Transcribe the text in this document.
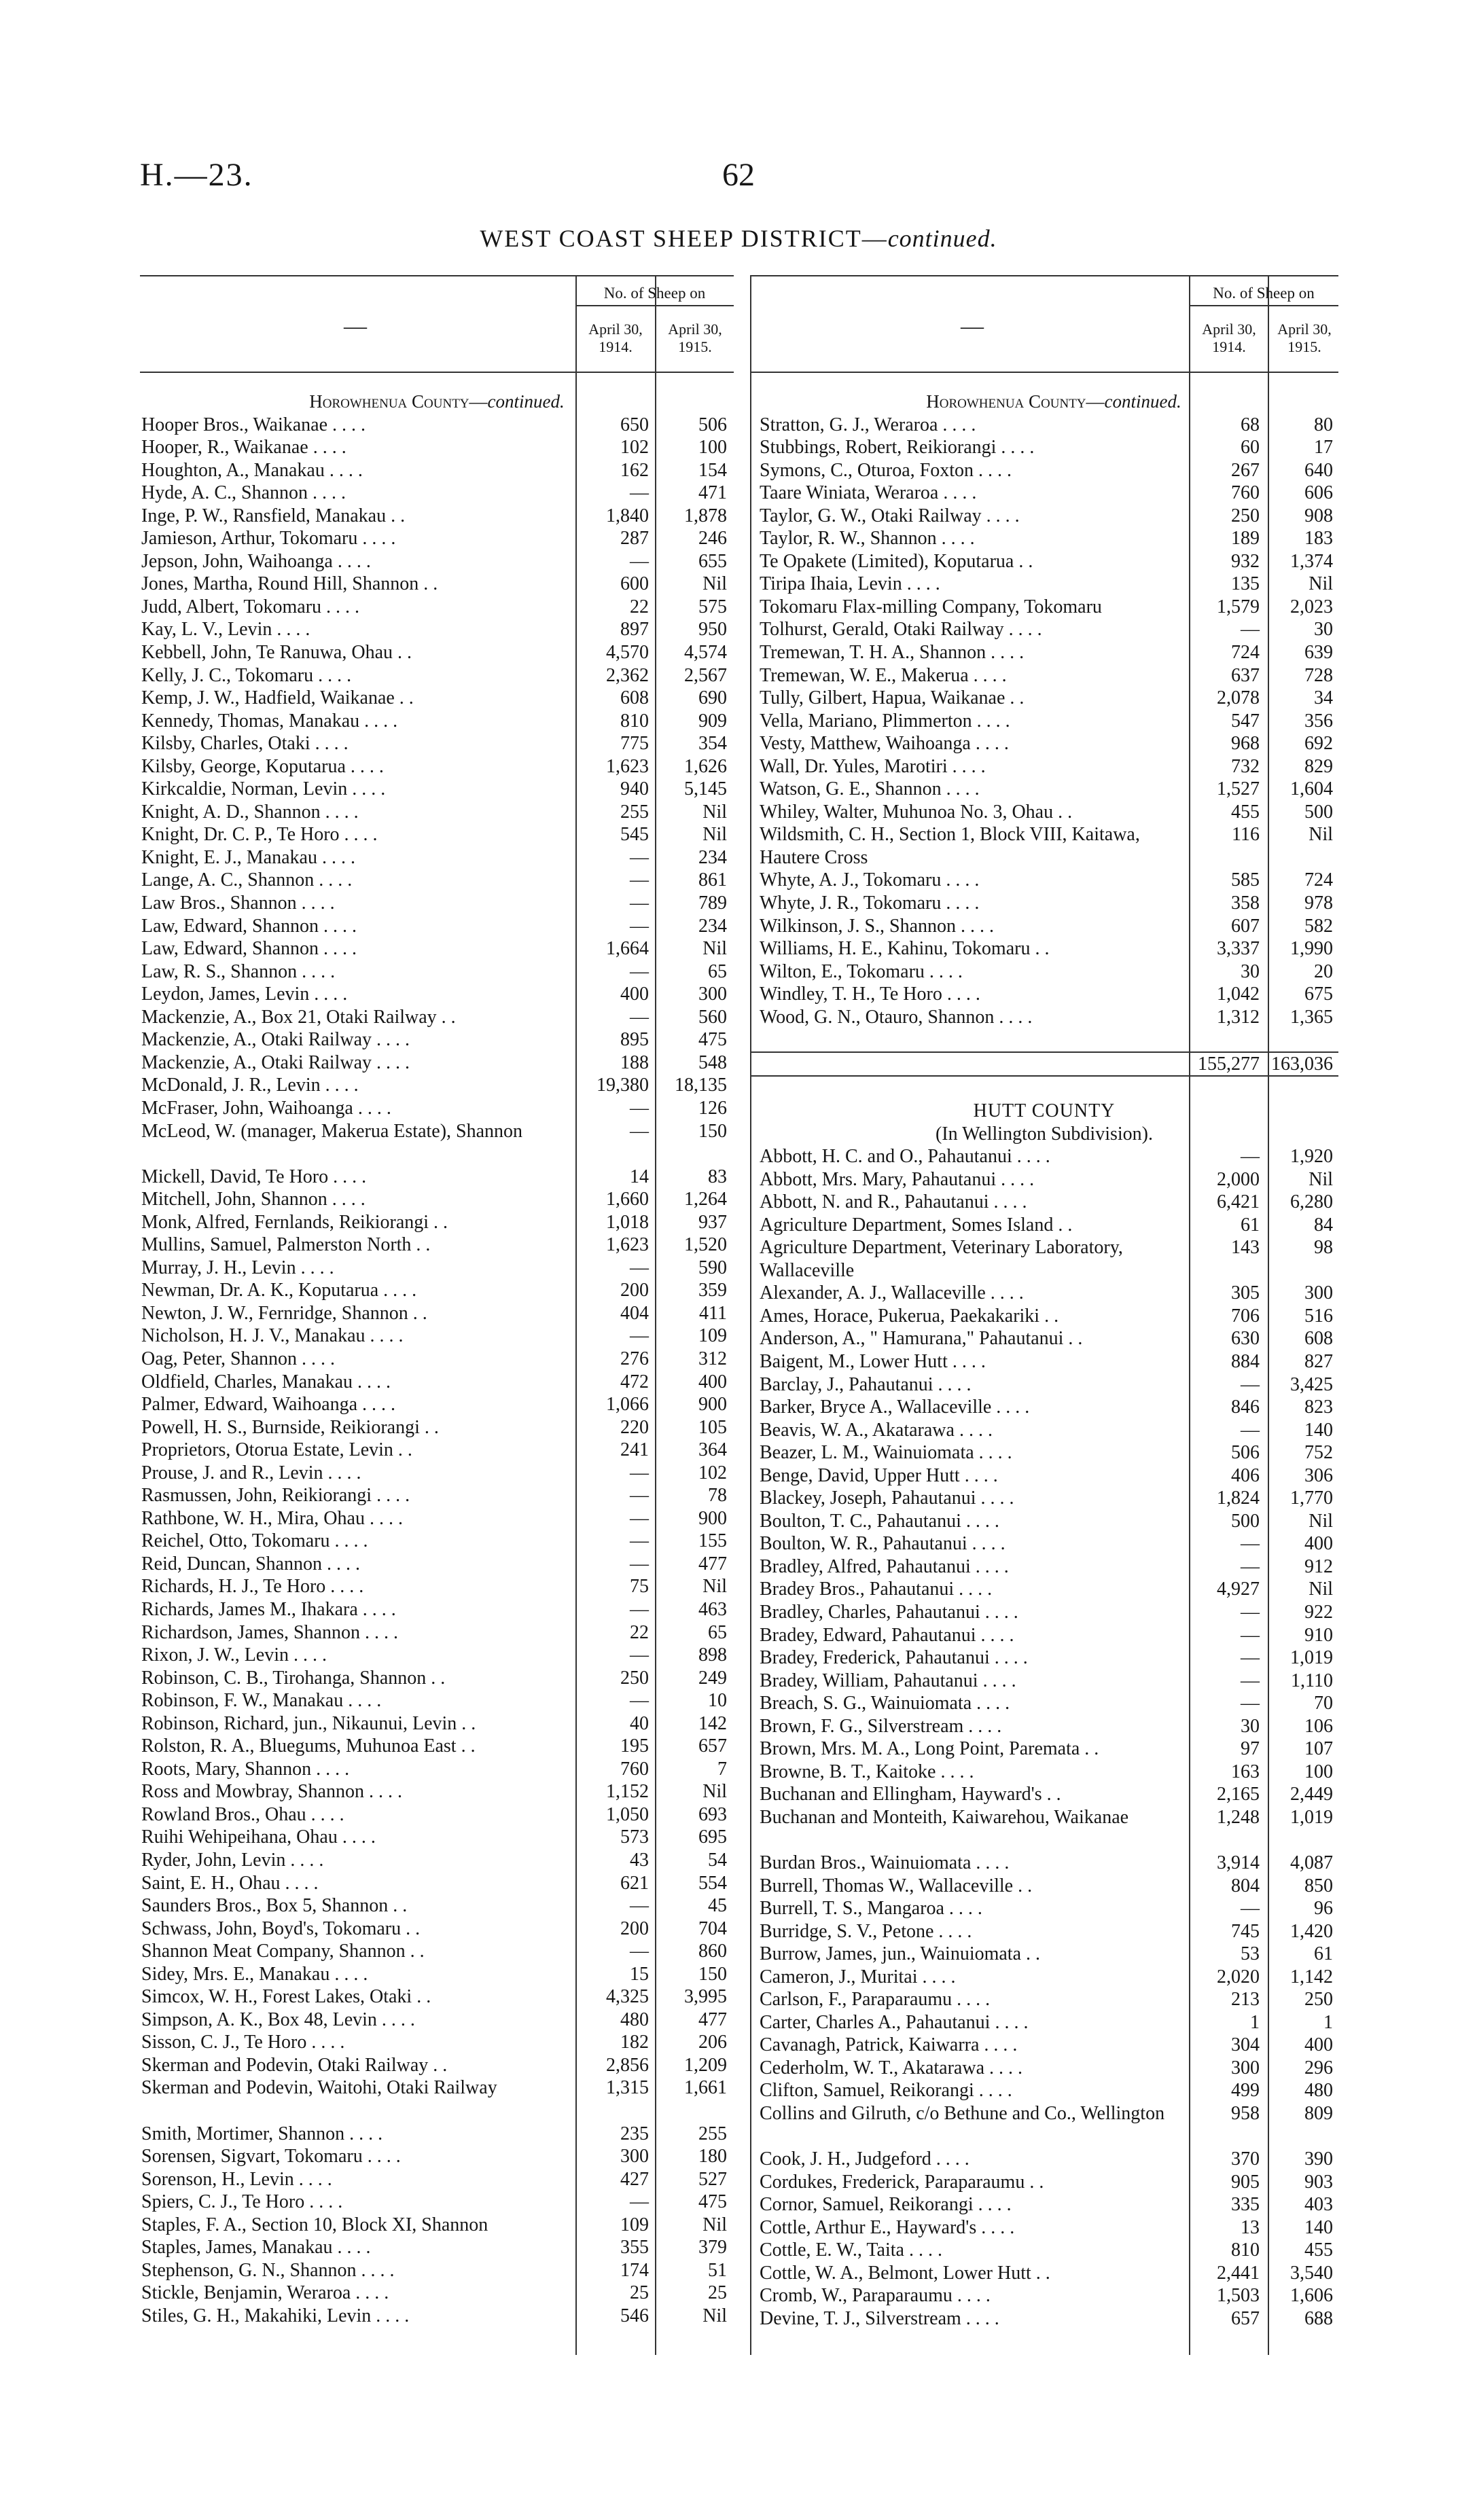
H.—23.	62
WEST COAST SHEEP DISTRICT—continued.
—
No. of Sheep on
April 30, 1914.
April 30, 1915.
Horowhenua County—continued.
Hooper Bros., Waikanae . . . .	650	506
Hooper, R., Waikanae . . . .	102	100
Houghton, A., Manakau . . . .	162	154
Hyde, A. C., Shannon . . . .	—	471
Inge, P. W., Ransfield, Manakau . .	1,840	1,878
Jamieson, Arthur, Tokomaru . . . .	287	246
Jepson, John, Waihoanga . . . .	—	655
Jones, Martha, Round Hill, Shannon . .	600	Nil
Judd, Albert, Tokomaru . . . .	22	575
Kay, L. V., Levin . . . .	897	950
Kebbell, John, Te Ranuwa, Ohau . .	4,570	4,574
Kelly, J. C., Tokomaru . . . .	2,362	2,567
Kemp, J. W., Hadfield, Waikanae . .	608	690
Kennedy, Thomas, Manakau . . . .	810	909
Kilsby, Charles, Otaki . . . .	775	354
Kilsby, George, Koputaruа . . . .	1,623	1,626
Kirkcaldie, Norman, Levin . . . .	940	5,145
Knight, A. D., Shannon . . . .	255	Nil
Knight, Dr. C. P., Te Horo . . . .	545	Nil
Knight, E. J., Manakau . . . .	—	234
Lange, A. C., Shannon . . . .	—	861
Law Bros., Shannon . . . .	—	789
Law, Edward, Shannon . . . .	—	234
Law, Edward, Shannon . . . .	1,664	Nil
Law, R. S., Shannon . . . .	—	65
Leydon, James, Levin . . . .	400	300
Mackenzie, A., Box 21, Otaki Railway . .	—	560
Mackenzie, A., Otaki Railway . . . .	895	475
Mackenzie, A., Otaki Railway . . . .	188	548
McDonald, J. R., Levin . . . .	19,380	18,135
McFrаser, John, Waihoanga . . . .	—	126
McLeod, W. (manager, Makerua Estate), Shannon	—	150
Mickell, David, Te Horo . . . .	14	83
Mitchell, John, Shannon . . . .	1,660	1,264
Monk, Alfred, Fernlands, Reikiorangi . .	1,018	937
Mullins, Samuel, Palmerston North . .	1,623	1,520
Murray, J. H., Levin . . . .	—	590
Newman, Dr. A. K., Koputaruа . . . .	200	359
Newton, J. W., Fernridge, Shannon . .	404	411
Nicholson, H. J. V., Manakau . . . .	—	109
Oag, Peter, Shannon . . . .	276	312
Oldfield, Charles, Manakau . . . .	472	400
Palmer, Edward, Waihoanga . . . .	1,066	900
Powell, H. S., Burnside, Reikiorangi . .	220	105
Proprietors, Otorua Estate, Levin . .	241	364
Prouse, J. and R., Levin . . . .	—	102
Rasmussen, John, Reikiorangi . . . .	—	78
Rathbone, W. H., Mira, Ohau . . . .	—	900
Reichel, Otto, Tokomaru . . . .	—	155
Reid, Duncan, Shannon . . . .	—	477
Richards, H. J., Te Horo . . . .	75	Nil
Richards, James M., Ihakara . . . .	—	463
Richardson, James, Shannon . . . .	22	65
Rixon, J. W., Levin . . . .	—	898
Robinson, C. B., Tirohanga, Shannon . .	250	249
Robinson, F. W., Manakau . . . .	—	10
Robinson, Richard, jun., Nikaunui, Levin . .	40	142
Rolston, R. A., Bluegums, Muhunoa East . .	195	657
Roots, Mary, Shannon . . . .	760	7
Ross and Mowbray, Shannon . . . .	1,152	Nil
Rowland Bros., Ohau . . . .	1,050	693
Ruihi Wehipeihana, Ohau . . . .	573	695
Ryder, John, Levin . . . .	43	54
Saint, E. H., Ohau . . . .	621	554
Saunders Bros., Box 5, Shannon . .	—	45
Schwass, John, Boyd's, Tokomaru . .	200	704
Shannon Meat Company, Shannon . .	—	860
Sidey, Mrs. E., Manakau . . . .	15	150
Simcox, W. H., Forest Lakes, Otaki . .	4,325	3,995
Simpson, A. K., Box 48, Levin . . . .	480	477
Sisson, C. J., Te Horo . . . .	182	206
Skerman and Podevin, Otaki Railway . .	2,856	1,209
Skerman and Podevin, Waitohi, Otaki Railway	1,315	1,661
Smith, Mortimer, Shannon . . . .	235	255
Sorensen, Sigvart, Tokomaru . . . .	300	180
Sorenson, H., Levin . . . .	427	527
Spiers, C. J., Te Horo . . . .	—	475
Staples, F. A., Section 10, Block XI, Shannon	109	Nil
Staples, James, Manakau . . . .	355	379
Stephenson, G. N., Shannon . . . .	174	51
Stickle, Benjamin, Weraroa . . . .	25	25
Stiles, G. H., Makahiki, Levin . . . .	546	Nil
—
No. of Sheep on
April 30, 1914.
April 30, 1915.
Horowhenua County—continued.
Stratton, G. J., Weraroa . . . .	68	80
Stubbings, Robert, Reikiorangi . . . .	60	17
Symons, C., Oturoa, Foxton . . . .	267	640
Taare Winiata, Weraroa . . . .	760	606
Taylor, G. W., Otaki Railway . . . .	250	908
Taylor, R. W., Shannon . . . .	189	183
Te Opakete (Limited), Koputaruа . .	932	1,374
Tiripa Ihaia, Levin . . . .	135	Nil
Tokomaru Flax-milling Company, Tokomaru	1,579	2,023
Tolhurst, Gerald, Otaki Railway . . . .	—	30
Tremewan, T. H. A., Shannon . . . .	724	639
Tremewan, W. E., Makerua . . . .	637	728
Tully, Gilbert, Hapua, Waikanae . .	2,078	34
Vella, Mariano, Plimmerton . . . .	547	356
Vesty, Matthew, Waihoanga . . . .	968	692
Wall, Dr. Yules, Marotiri . . . .	732	829
Watson, G. E., Shannon . . . .	1,527	1,604
Whiley, Walter, Muhunoa No. 3, Ohau . .	455	500
Wildsmith, C. H., Section 1, Block VIII, Kaitawa, Hautere Cross
116	Nil
Whyte, A. J., Tokomaru . . . .	585	724
Whyte, J. R., Tokomaru . . . .	358	978
Wilkinson, J. S., Shannon . . . .	607	582
Williams, H. E., Kahinu, Tokomaru . .	3,337	1,990
Wilton, E., Tokomaru . . . .	30	20
Windley, T. H., Te Horo . . . .	1,042	675
Wood, G. N., Otauro, Shannon . . . .	1,312	1,365
155,277 163,036
HUTT COUNTY
(In Wellington Subdivision).
Abbott, H. C. and O., Pahautanui . . . .	—	1,920
Abbott, Mrs. Mary, Pahautanui . . . .	2,000	Nil
Abbott, N. and R., Pahautanui . . . .	6,421	6,280
Agriculture Department, Somes Island . .	61	84
Agriculture Department, Veterinary Laboratory, Wallaceville
143	98
Alexander, A. J., Wallaceville . . . .	305	300
Ames, Horace, Pukerua, Paekakariki . .	706	516
Anderson, A., " Hamurana," Pahautanui . .	630	608
Baigent, M., Lower Hutt . . . .	884	827
Barclay, J., Pahautanui . . . .	—	3,425
Barker, Bryce A., Wallaceville . . . .	846	823
Beavis, W. A., Akatarawa . . . .	—	140
Beazer, L. M., Wainuiomata . . . .	506	752
Benge, David, Upper Hutt . . . .	406	306
Blackey, Joseph, Pahautanui . . . .	1,824	1,770
Boulton, T. C., Pahautanui . . . .	500	Nil
Boulton, W. R., Pahautanui . . . .	—	400
Bradley, Alfred, Pahautanui . . . .	—	912
Bradey Bros., Pahautanui . . . .	4,927	Nil
Bradley, Charles, Pahautanui . . . .	—	922
Bradey, Edward, Pahautanui . . . .	—	910
Bradey, Frederick, Pahautanui . . . .	—	1,019
Bradey, William, Pahautanui . . . .	—	1,110
Breach, S. G., Wainuiomata . . . .	—	70
Brown, F. G., Silverstream . . . .	30	106
Brown, Mrs. M. A., Long Point, Paremata . .	97	107
Browne, B. T., Kaitoke . . . .	163	100
Buchanan and Ellingham, Hayward's . .	2,165	2,449
Buchanan and Monteith, Kaiwarehou, Waikanae	1,248	1,019
Burdan Bros., Wainuiomata . . . .	3,914	4,087
Burrell, Thomas W., Wallaceville . .	804	850
Burrell, T. S., Mangaroa . . . .	—	96
Burridge, S. V., Petone . . . .	745	1,420
Burrow, James, jun., Wainuiomata . .	53	61
Cameron, J., Muritai . . . .	2,020	1,142
Carlson, F., Paraparaumu . . . .	213	250
Carter, Charles A., Pahautanui . . . .	1	1
Cavanagh, Patrick, Kaiwarra . . . .	304	400
Cederholm, W. T., Akatarawa . . . .	300	296
Clifton, Samuel, Reikorangi . . . .	499	480
Collins and Gilruth, c/o Bethune and Co., Wellington	958	809
Cook, J. H., Judgeford . . . .	370	390
Cordukes, Frederick, Paraparaumu . .	905	903
Cornor, Samuel, Reikorangi . . . .	335	403
Cottle, Arthur E., Hayward's . . . .	13	140
Cottle, E. W., Taita . . . .	810	455
Cottle, W. A., Belmont, Lower Hutt . .	2,441	3,540
Cromb, W., Paraparaumu . . . .	1,503	1,606
Devine, T. J., Silverstream . . . .	657	688
